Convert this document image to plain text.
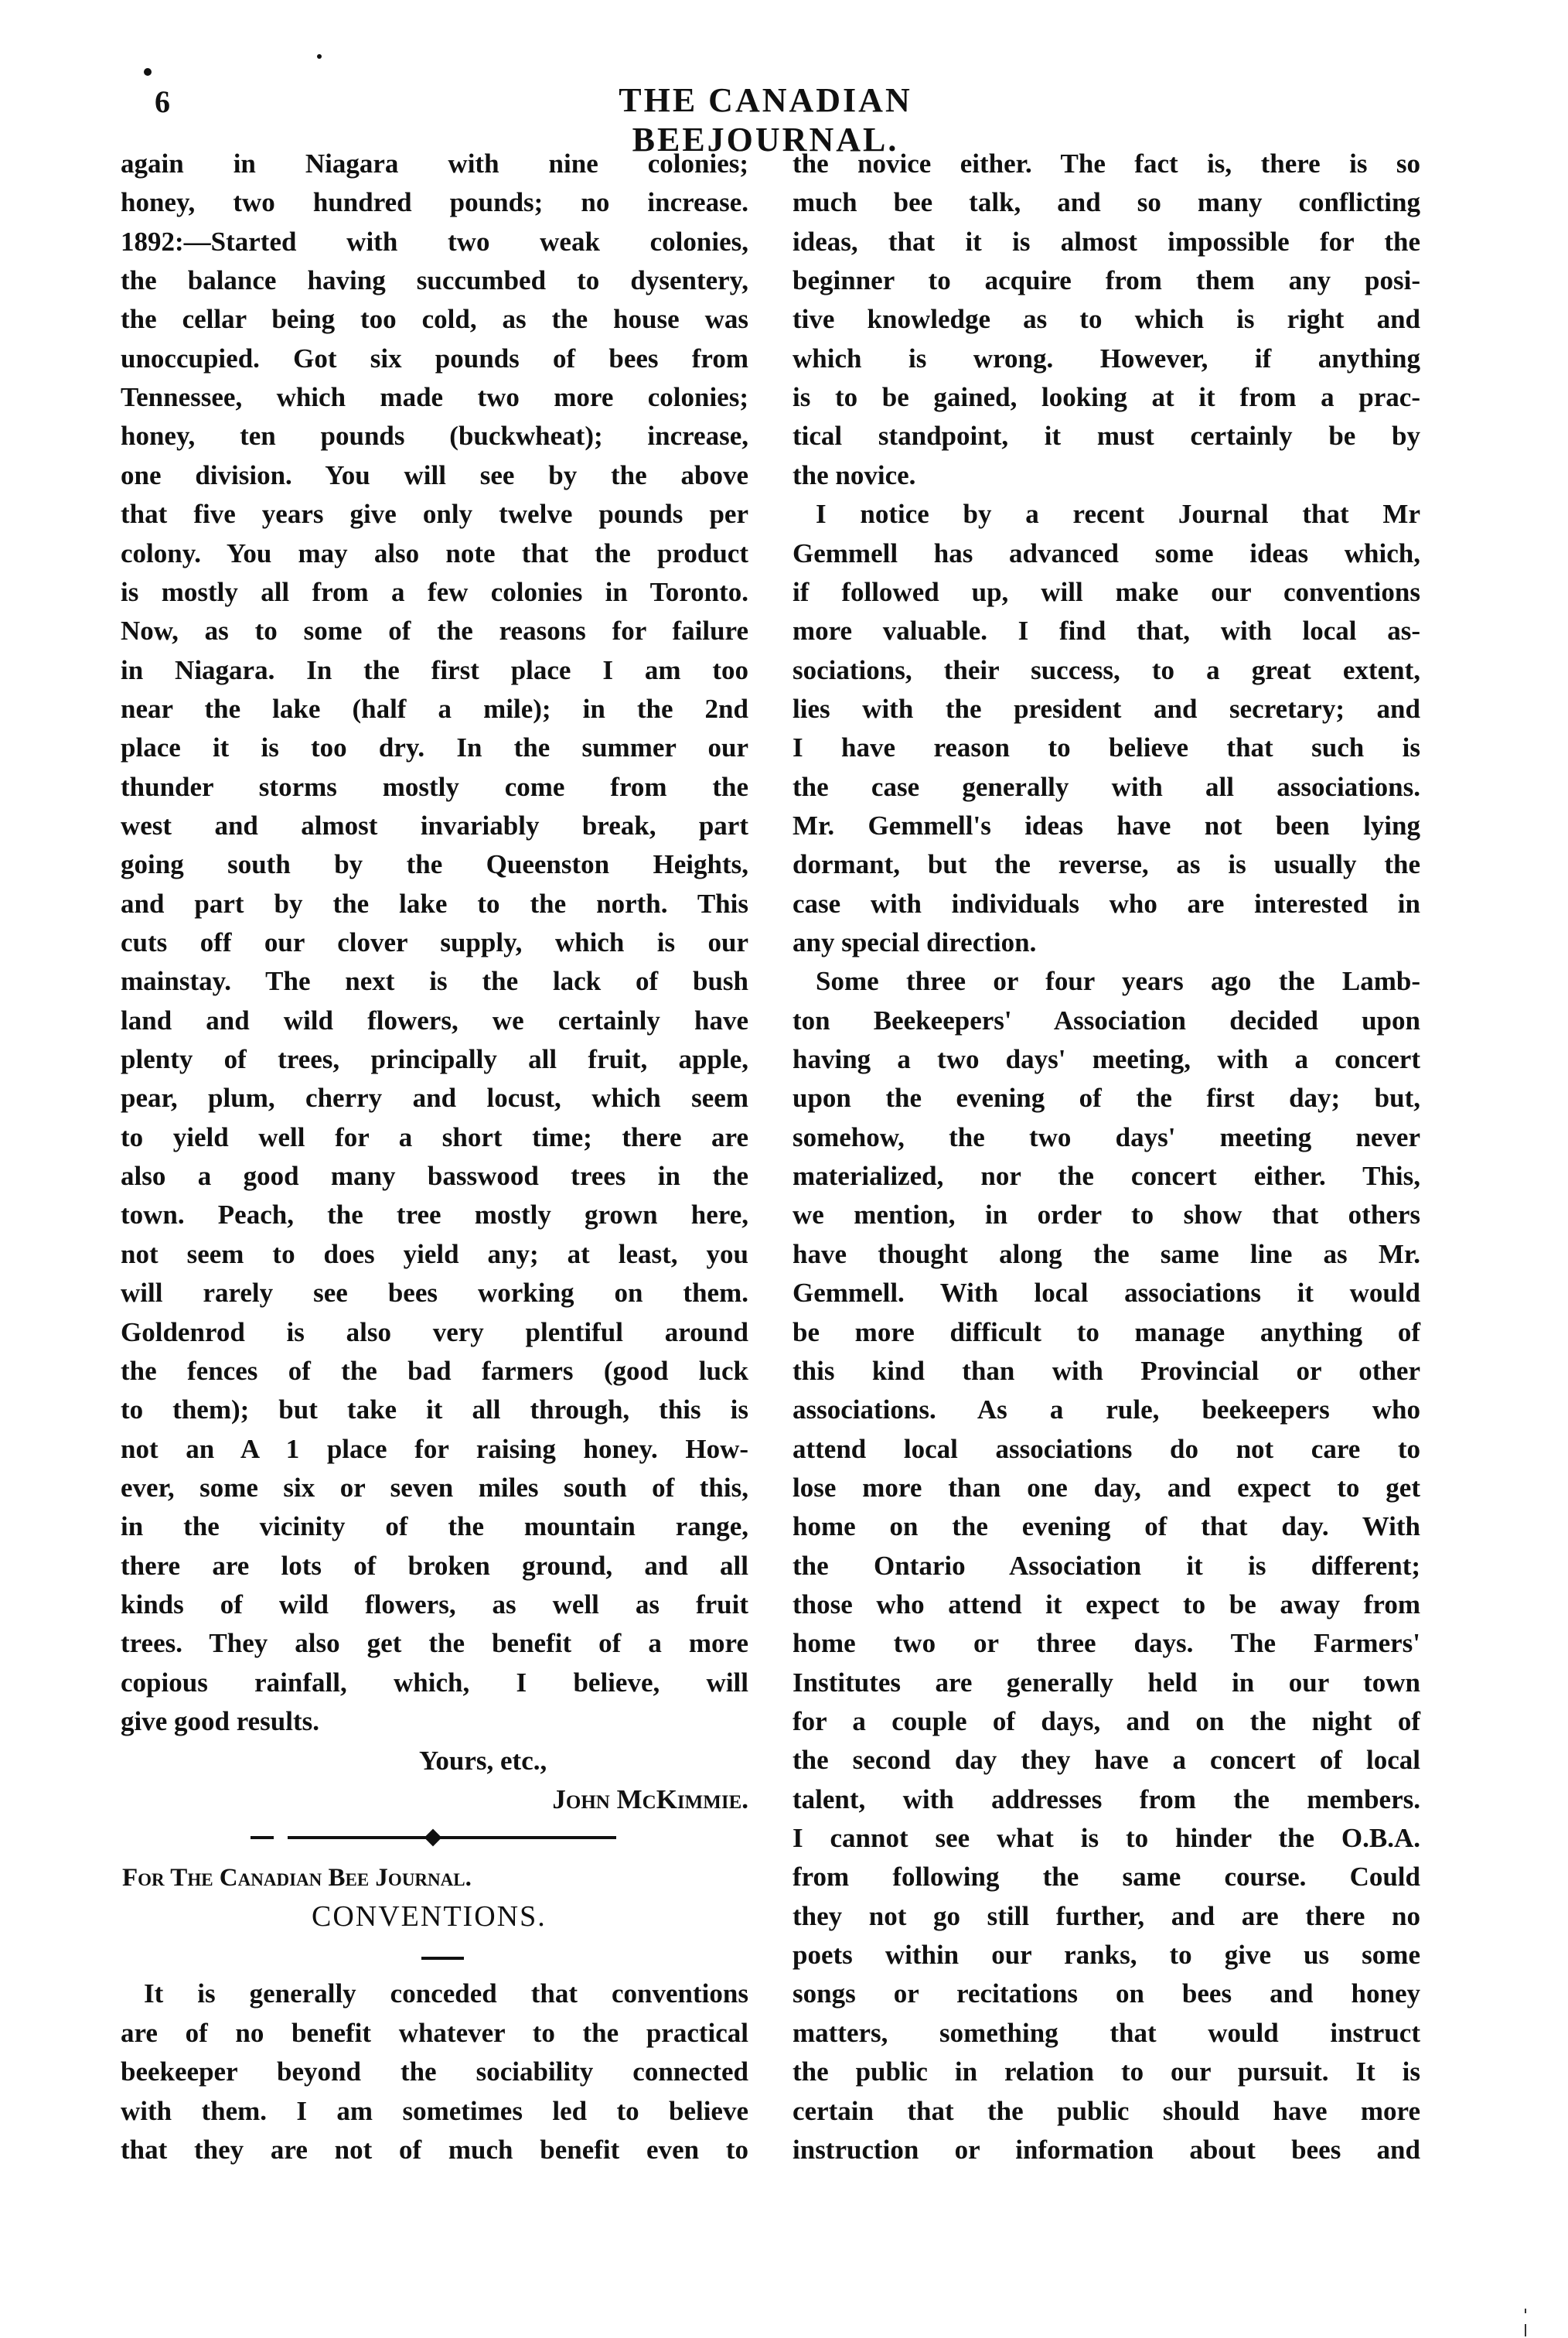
6	THE CANADIAN BEEJOURNAL.
again in Niagara with nine colonies;
honey, two hundred pounds; no increase.
1892:—Started with two weak colonies,
the balance having succumbed to dysentery,
the cellar being too cold, as the house was
unoccupied. Got six pounds of bees from
Tennessee, which made two more colonies;
honey, ten pounds (buckwheat); increase,
one division. You will see by the above
that five years give only twelve pounds per
colony. You may also note that the product
is mostly all from a few colonies in Toronto.
Now, as to some of the reasons for failure
in Niagara. In the first place I am too
near the lake (half a mile); in the 2nd
place it is too dry. In the summer our
thunder storms mostly come from the
west and almost invariably break, part
going south by the Queenston Heights,
and part by the lake to the north. This
cuts off our clover supply, which is our
mainstay. The next is the lack of bush
land and wild flowers, we certainly have
plenty of trees, principally all fruit, apple,
pear, plum, cherry and locust, which seem
to yield well for a short time; there are
also a good many basswood trees in the
town. Peach, the tree mostly grown here,
not seem to does yield any; at least, you
will rarely see bees working on them.
Goldenrod is also very plentiful around
the fences of the bad farmers (good luck
to them); but take it all through, this is
not an A 1 place for raising honey. How-
ever, some six or seven miles south of this,
in the vicinity of the mountain range,
there are lots of broken ground, and all
kinds of wild flowers, as well as fruit
trees. They also get the benefit of a more
copious rainfall, which, I believe, will
give good results.
It is generally conceded that conventions
are of no benefit whatever to the practical
beekeeper beyond the sociability connected
with them. I am sometimes led to believe
that they are not of much benefit even to
the novice either. The fact is, there is so
much bee talk, and so many conflicting
ideas, that it is almost impossible for the
beginner to acquire from them any posi-
tive knowledge as to which is right and
which is wrong. However, if anything
is to be gained, looking at it from a prac-
tical standpoint, it must certainly be by
the novice.
I notice by a recent Journal that Mr
Gemmell has advanced some ideas which,
if followed up, will make our conventions
more valuable. I find that, with local as-
sociations, their success, to a great extent,
lies with the president and secretary; and
I have reason to believe that such is
the case generally with all associations.
Mr. Gemmell's ideas have not been lying
dormant, but the reverse, as is usually the
case with individuals who are interested in
any special direction.
Some three or four years ago the Lamb-
ton Beekeepers' Association decided upon
having a two days' meeting, with a concert
upon the evening of the first day; but,
somehow, the two days' meeting never
materialized, nor the concert either. This,
we mention, in order to show that others
have thought along the same line as Mr.
Gemmell. With local associations it would
be more difficult to manage anything of
this kind than with Provincial or other
associations. As a rule, beekeepers who
attend local associations do not care to
lose more than one day, and expect to get
home on the evening of that day. With
the Ontario Association it is different;
those who attend it expect to be away from
home two or three days. The Farmers'
Institutes are generally held in our town
for a couple of days, and on the night of
the second day they have a concert of local
talent, with addresses from the members.
I cannot see what is to hinder the O.B.A.
from following the same course. Could
they not go still further, and are there no
poets within our ranks, to give us some
songs or recitations on bees and honey
matters, something that would instruct
the public in relation to our pursuit. It is
certain that the public should have more
instruction or information about bees and
Yours, etc.,
John McKimmie.
For The Canadian Bee Journal.
CONVENTIONS.
